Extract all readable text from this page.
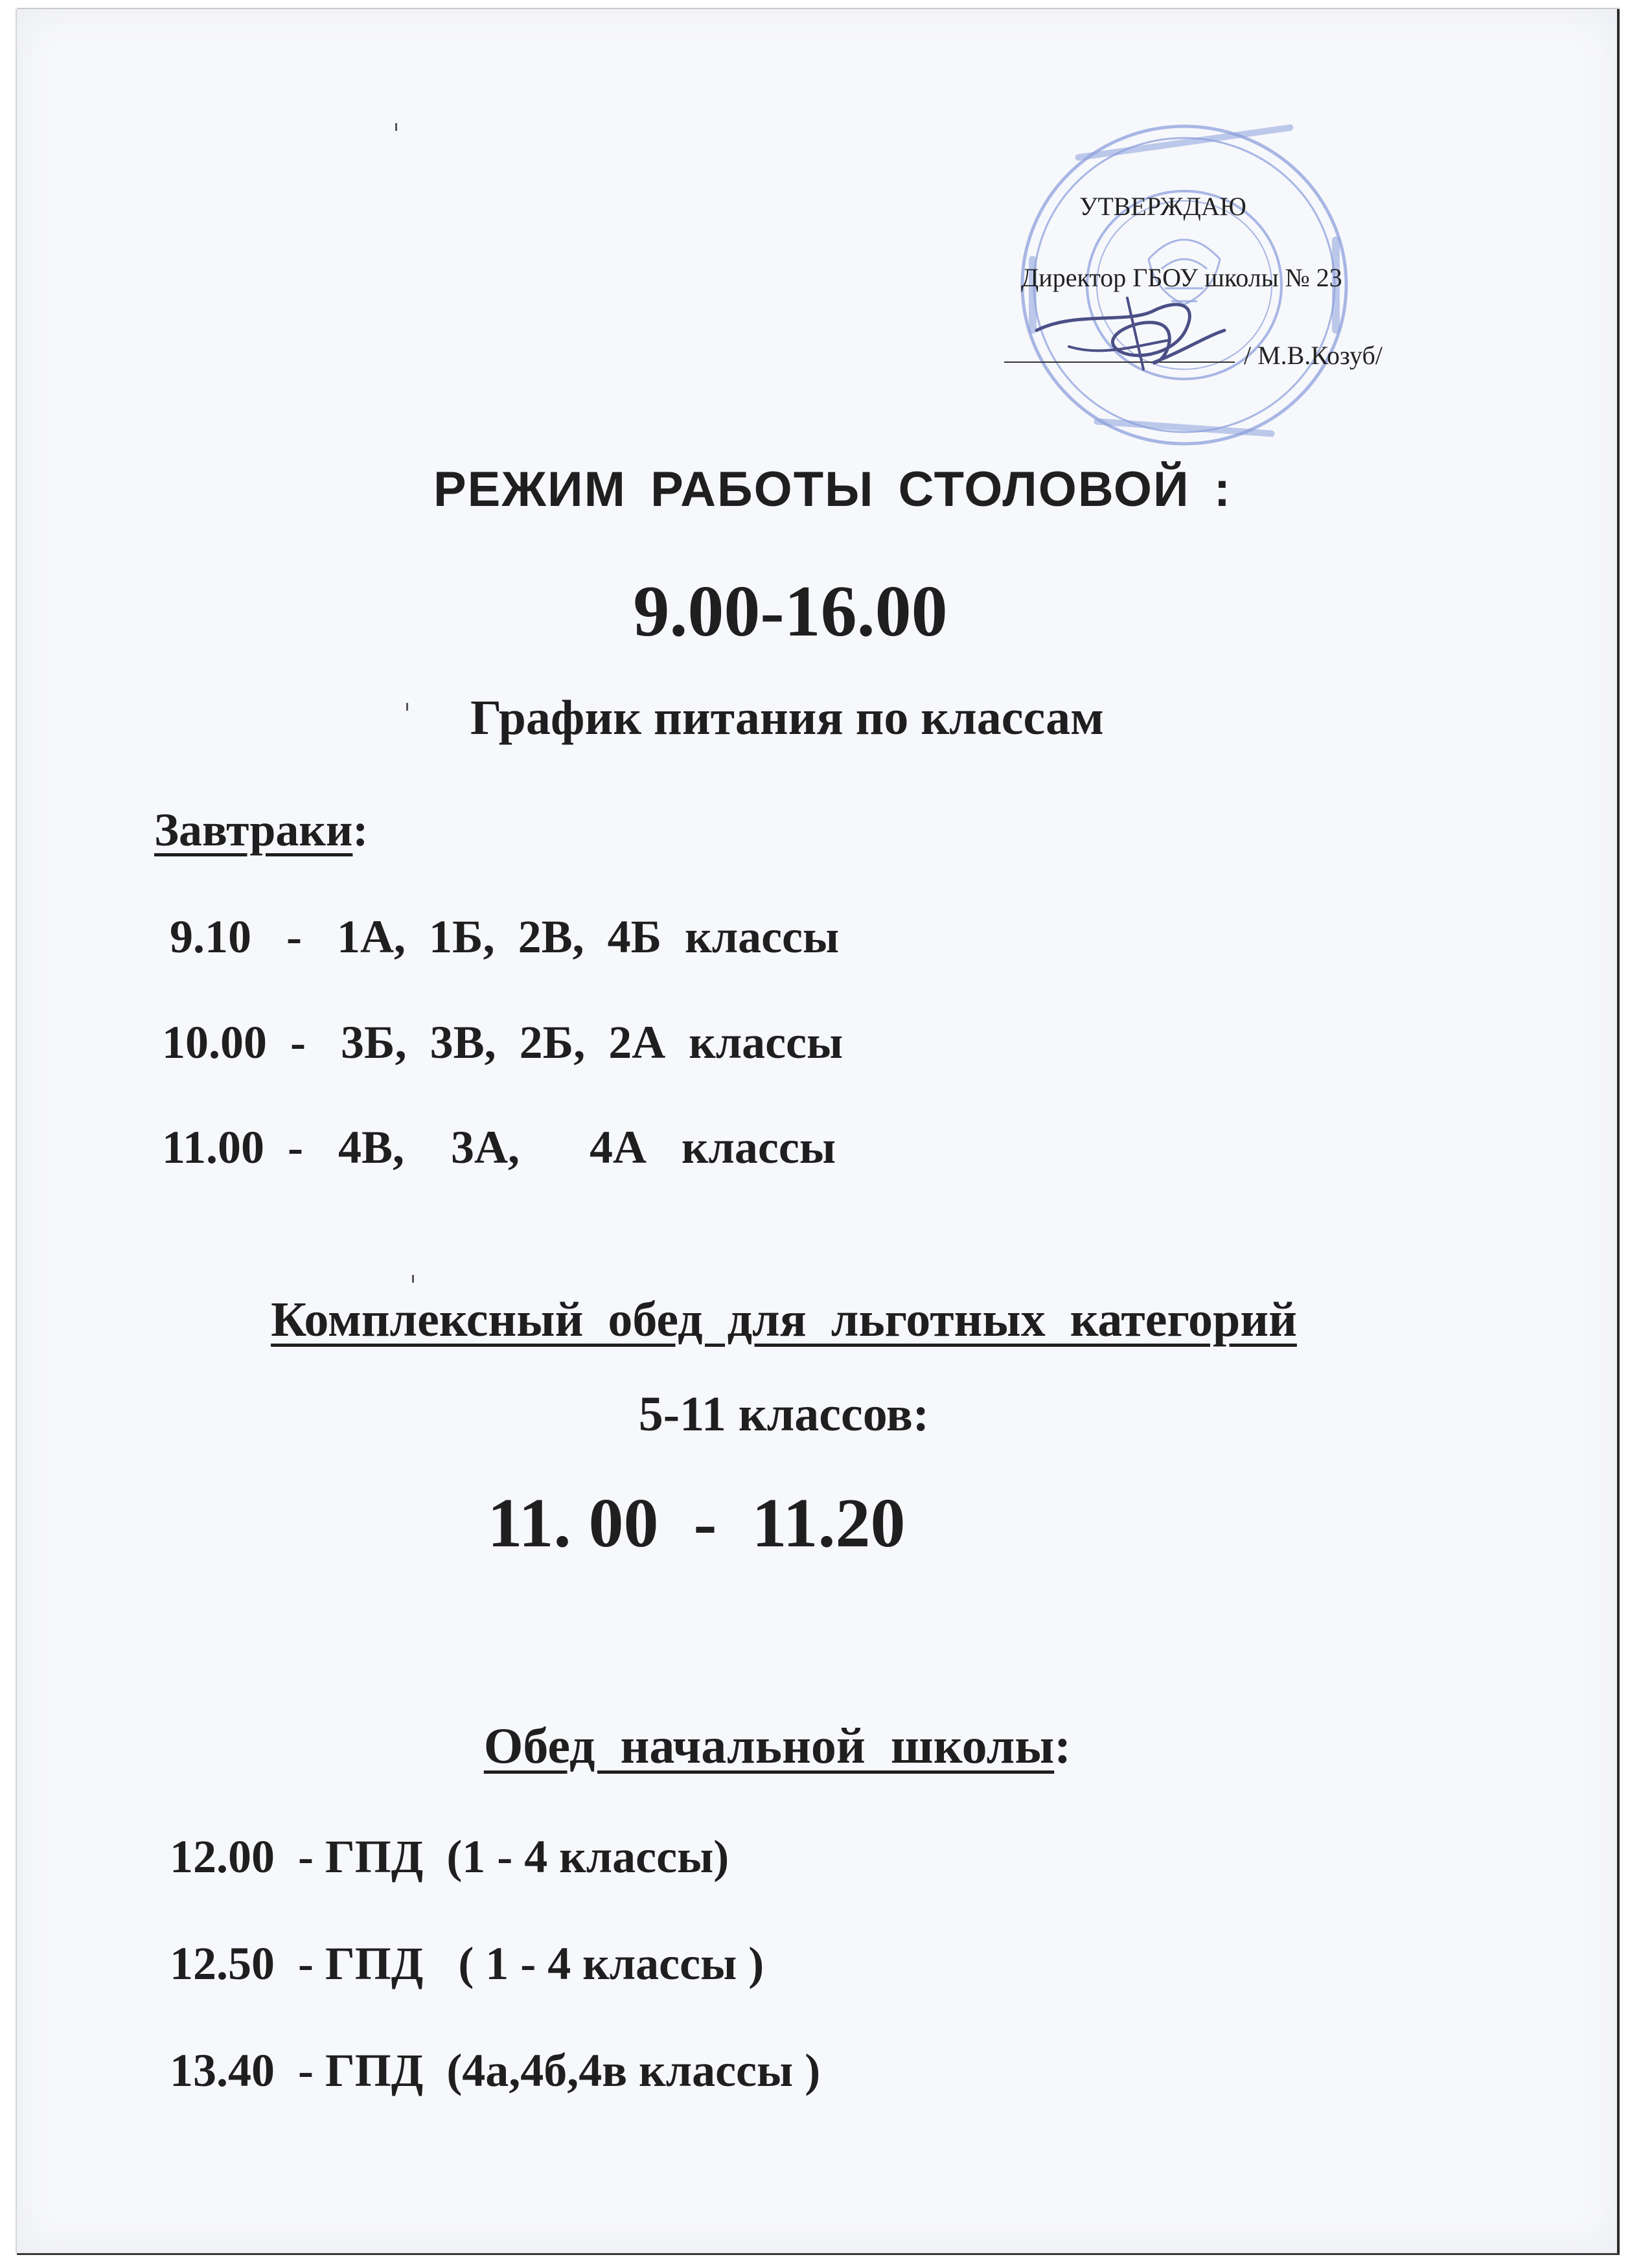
УТВЕРЖДАЮ
Директор ГБОУ школы № 23
/ М.В.Козуб/
РЕЖИМ РАБОТЫ СТОЛОВОЙ :
9.00-16.00
График питания по классам
Завтраки:
9.10 - 1А,  1Б,  2В,  4Б  классы
10.00 - 3Б,  3В,  2Б,  2А  классы
11.00 - 4В,    3А,      4А   классы
Комплексный  обед  для  льготных  категорий
5-11 классов:
11. 00  -  11.20
Обед  начальной  школы:
12.00  - ГПД  (1 - 4 классы)
12.50  - ГПД   ( 1 - 4 классы )
13.40  - ГПД  (4а,4б,4в классы )
